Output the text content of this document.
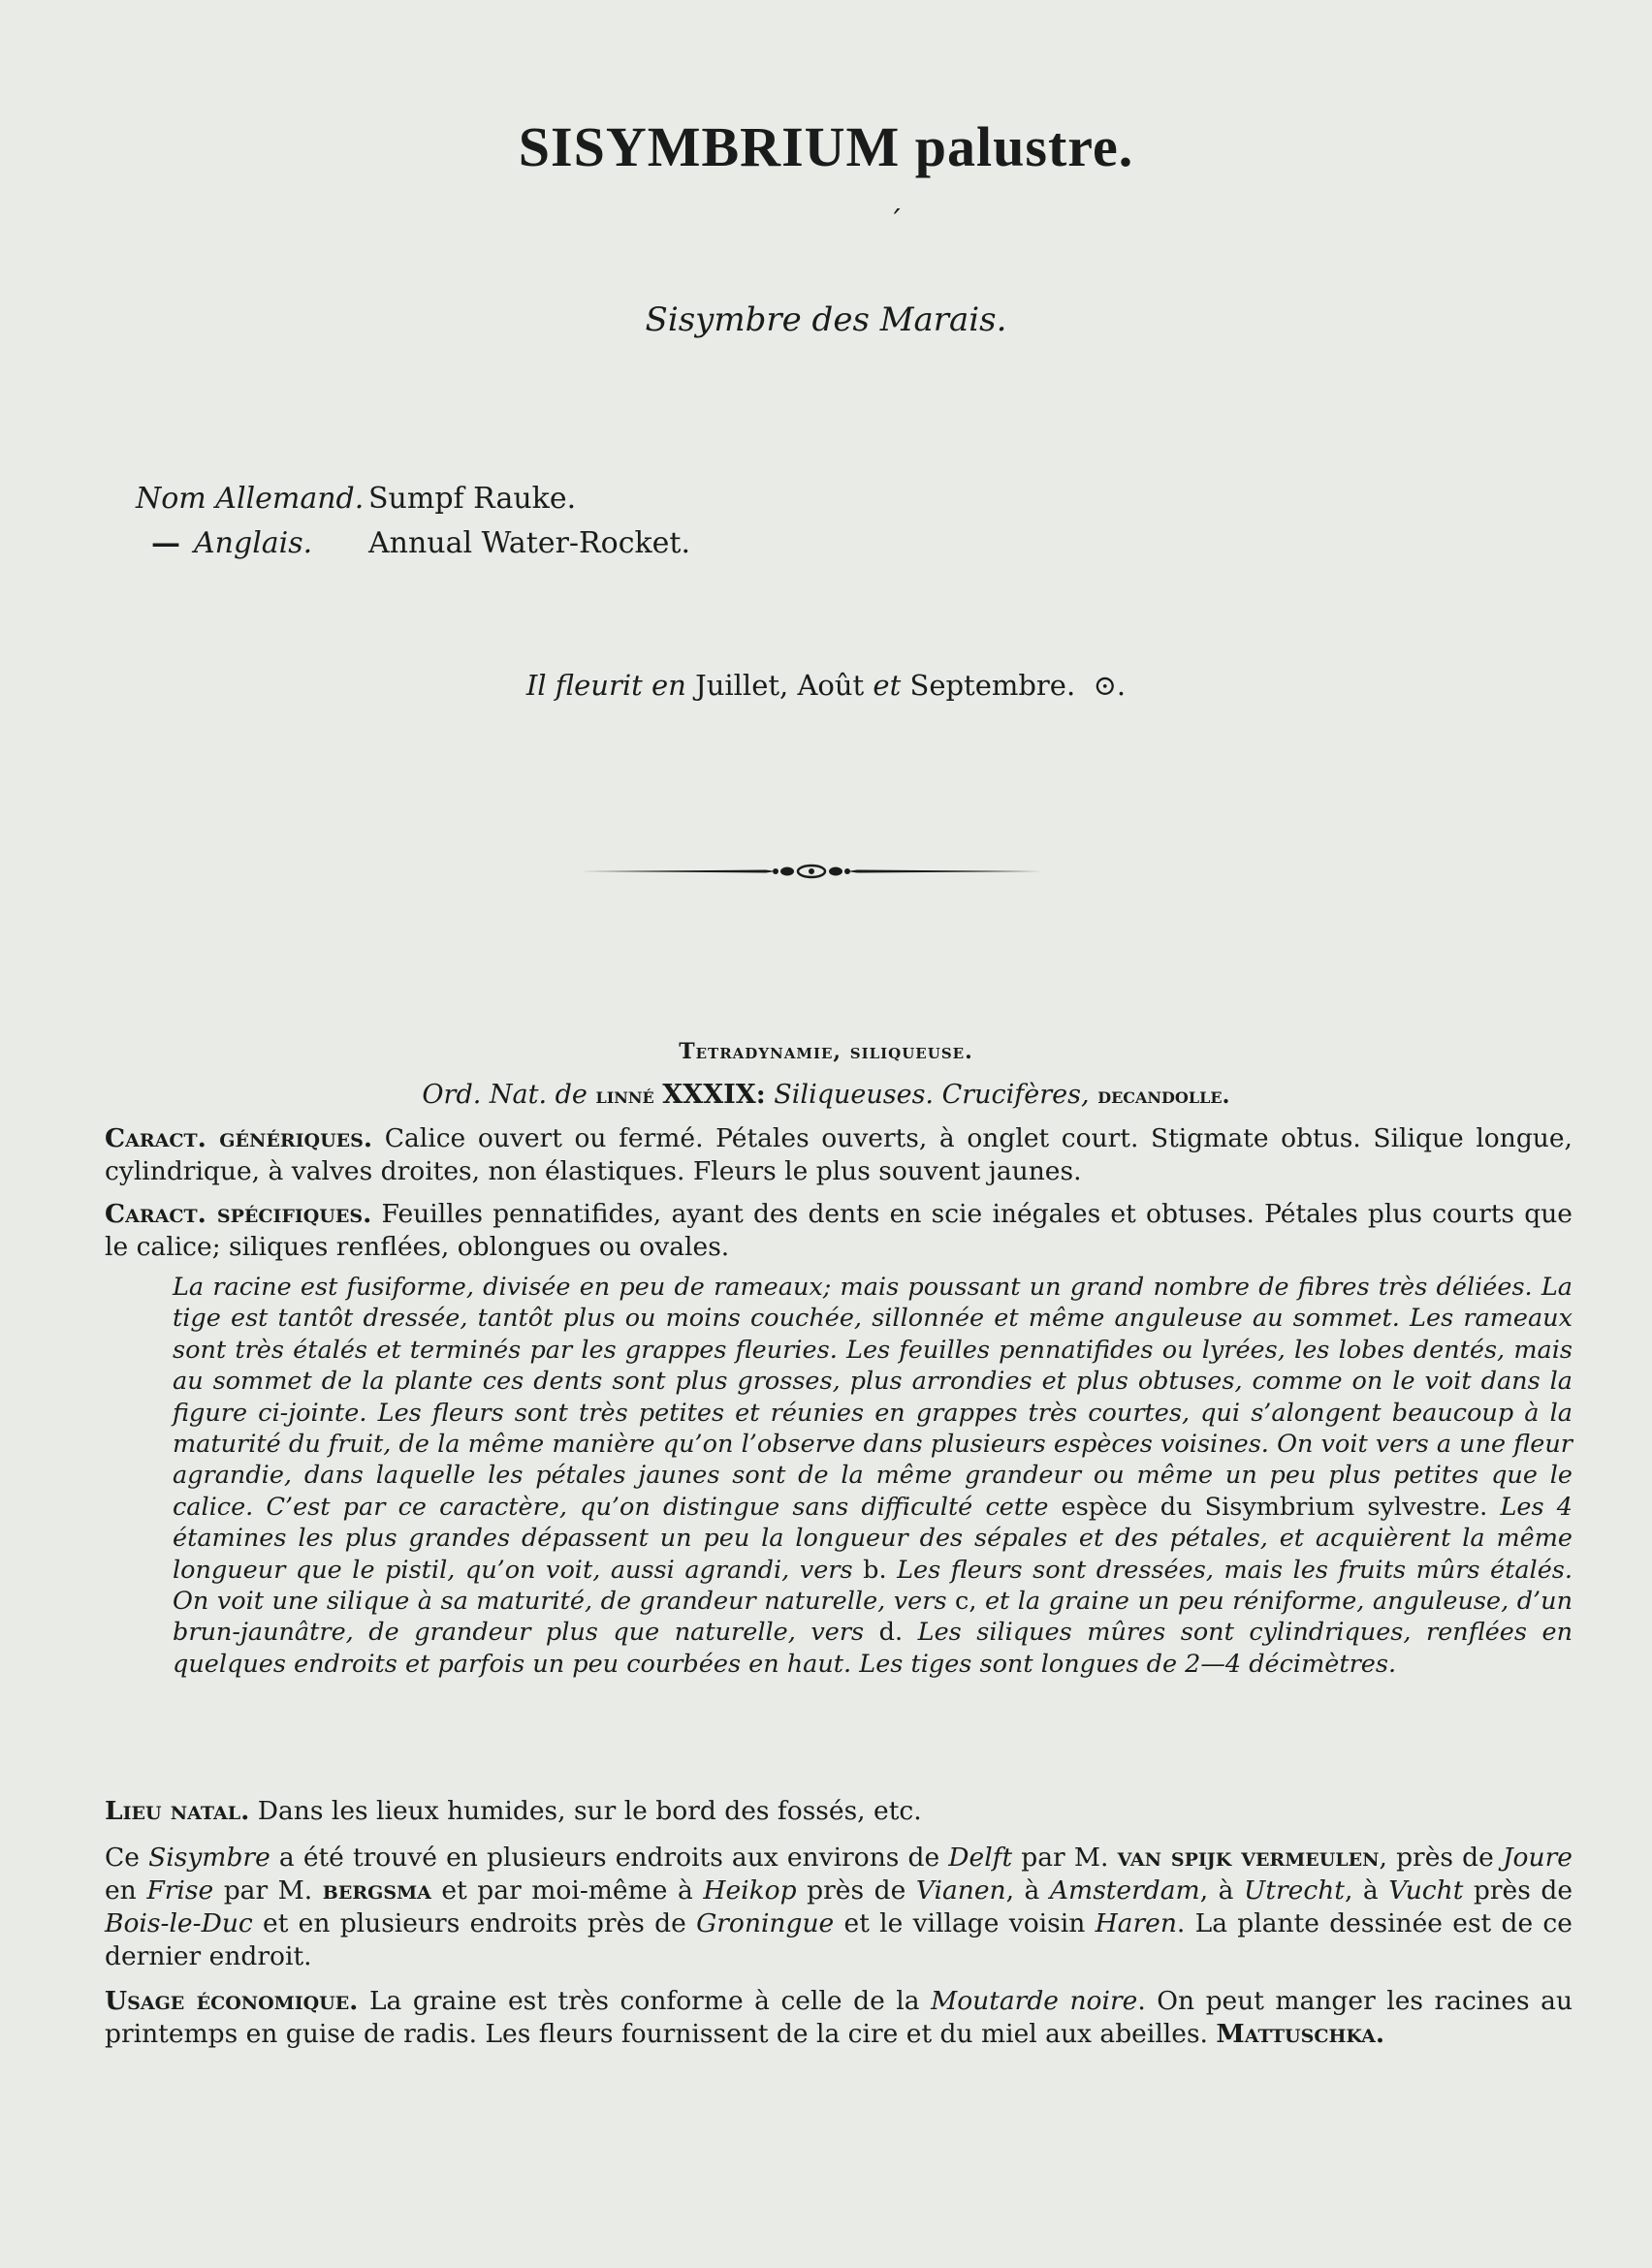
SISYMBRIUM palustre.
ˊ
Sisymbre des Marais.
Nom Allemand. Sumpf Rauke.
— Anglais. Annual Water-Rocket.
Il fleurit en Juillet, Août et Septembre. ⊙.
Tetradynamie, siliqueuse.
Ord. Nat. de linné XXXIX: Siliqueuses. Crucifères, decandolle.
Caract. génériques. Calice ouvert ou fermé. Pétales ouverts, à onglet court. Stigmate obtus. Silique longue, cylindrique, à valves droites, non élastiques. Fleurs le plus souvent jaunes.
Caract. spécifiques. Feuilles pennatifides, ayant des dents en scie inégales et obtuses. Pétales plus courts que le calice; siliques renflées, oblongues ou ovales.
La racine est fusiforme, divisée en peu de rameaux; mais poussant un grand nombre de fibres très déliées. La tige est tantôt dressée, tantôt plus ou moins couchée, sillonnée et même anguleuse au sommet. Les rameaux sont très étalés et terminés par les grappes fleuries. Les feuilles pennatifides ou lyrées, les lobes dentés, mais au sommet de la plante ces dents sont plus grosses, plus arrondies et plus obtuses, comme on le voit dans la figure ci-jointe. Les fleurs sont très petites et réunies en grappes très courtes, qui s’alongent beaucoup à la maturité du fruit, de la même manière qu’on l’observe dans plusieurs espèces voisines. On voit vers a une fleur agrandie, dans laquelle les pétales jaunes sont de la même grandeur ou même un peu plus petites que le calice. C’est par ce caractère, qu’on distingue sans difficulté cette espèce du Sisymbrium sylvestre. Les 4 étamines les plus grandes dépassent un peu la longueur des sépales et des pétales, et acquièrent la même longueur que le pistil, qu’on voit, aussi agrandi, vers b. Les fleurs sont dressées, mais les fruits mûrs étalés. On voit une silique à sa maturité, de grandeur naturelle, vers c, et la graine un peu réniforme, anguleuse, d’un brun-jaunâtre, de grandeur plus que naturelle, vers d. Les siliques mûres sont cylindriques, renflées en quelques endroits et parfois un peu courbées en haut. Les tiges sont longues de 2—4 décimètres.
Lieu natal. Dans les lieux humides, sur le bord des fossés, etc.
Ce Sisymbre a été trouvé en plusieurs endroits aux environs de Delft par M. van spijk vermeulen, près de Joure en Frise par M. bergsma et par moi-même à Heikop près de Vianen, à Amsterdam, à Utrecht, à Vucht près de Bois-le-Duc et en plusieurs endroits près de Groningue et le village voisin Haren. La plante dessinée est de ce dernier endroit.
Usage économique. La graine est très conforme à celle de la Moutarde noire. On peut manger les racines au printemps en guise de radis. Les fleurs fournissent de la cire et du miel aux abeilles. Mattuschka.
